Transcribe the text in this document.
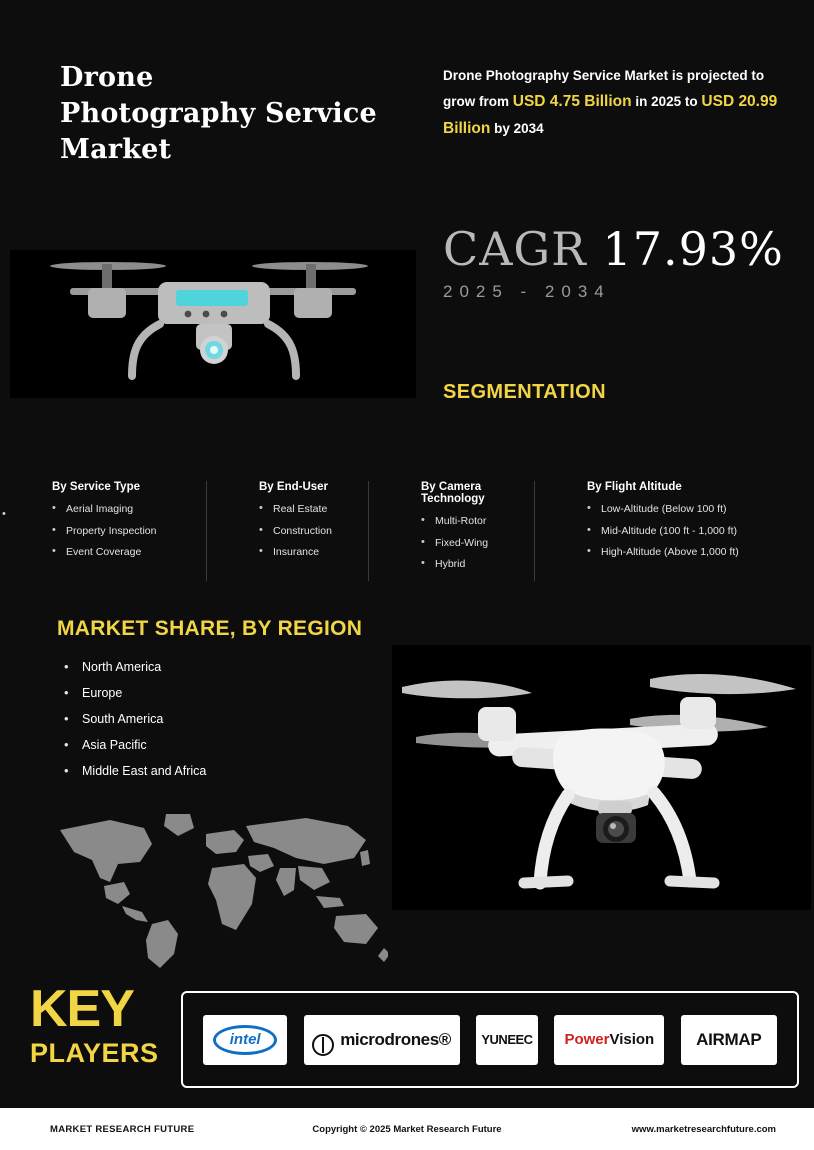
Drone
Photography Service
Market
Drone Photography Service Market is projected to grow from USD 4.75 Billion in 2025 to USD 20.99 Billion by 2034
CAGR 17.93%
2025 - 2034
SEGMENTATION
•
By Service Type
• Aerial Imaging
• Property Inspection
• Event Coverage
By End-User
• Real Estate
• Construction
• Insurance
By Camera Technology
• Multi-Rotor
• Fixed-Wing
• Hybrid
By Flight Altitude
• Low-Altitude (Below 100 ft)
• Mid-Altitude (100 ft - 1,000 ft)
• High-Altitude (Above 1,000 ft)
MARKET SHARE, BY REGION
• North America
• Europe
• South America
• Asia Pacific
• Middle East and Africa
KEY
PLAYERS	intel	microdrones® YUNEEC PowerVision AIRMAP
MARKET RESEARCH FUTURE	Copyright © 2025 Market Research Future	www.marketresearchfuture.com
